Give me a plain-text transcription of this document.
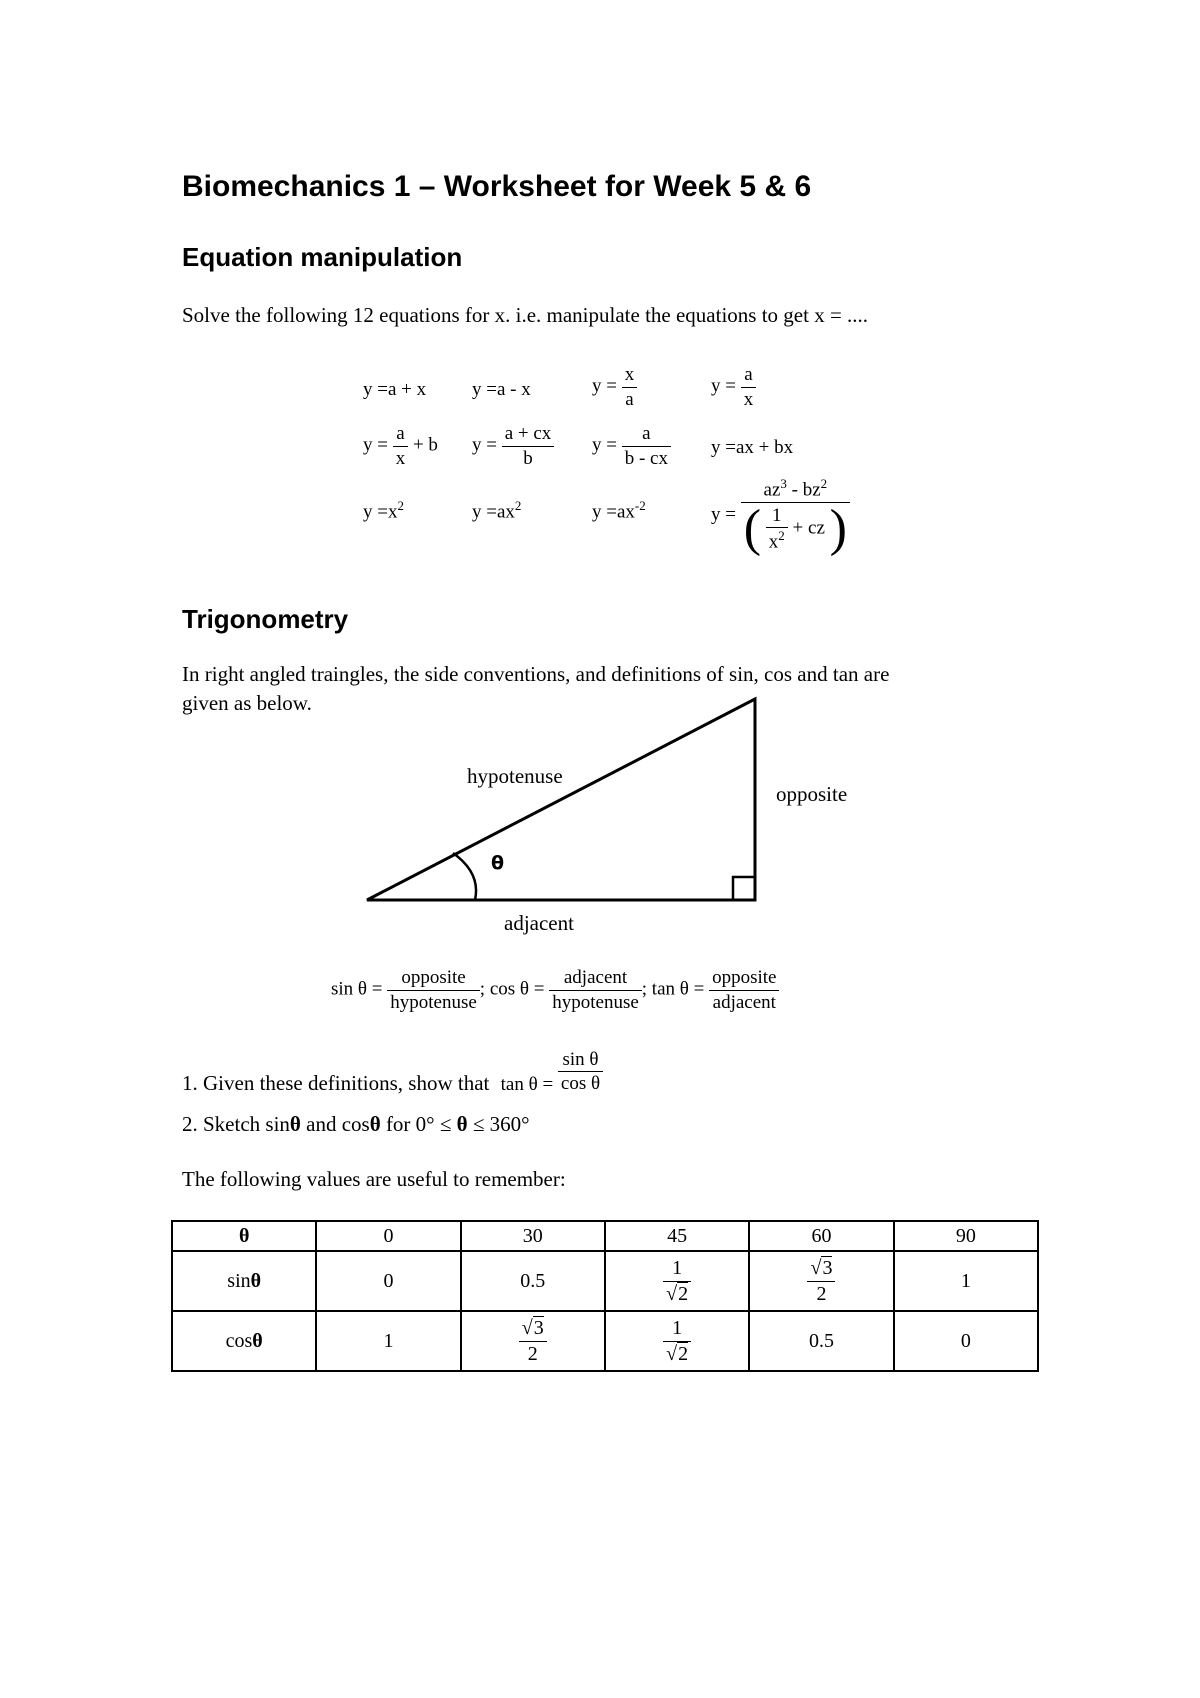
Biomechanics 1 – Worksheet for Week 5 & 6
Equation manipulation
Solve the following 12 equations for x. i.e. manipulate the equations to get x = ....
y =a + x y =a - x	$y = \frac{x}{a}$	$y = \frac{a}{x}$
$y = \frac{a}{x} + b$ $y = \frac{a + cx}{b}$ $y = \frac{a}{b - cx}$ y =ax + bx
$y =x^2$	$y =ax^2$	$y =ax^{-2}$	$y = \frac{az^3 - bz^2}{( \frac{1}{x^2} + cz )}$
Trigonometry
In right angled traingles, the side conventions, and definitions of sin, cos and tan are
given as below.
hypotenuse
opposite
adjacent
θ
$\sin \theta = \frac{\text{opposite}}{\text{hypotenuse}}$ ; $\cos \theta = \frac{\text{adjacent}}{\text{hypotenuse}}$ ; $\tan \theta = \frac{\text{opposite}}{\text{adjacent}}$
1. Given these definitions, show that $\tan \theta = \frac{\text{sin θ}}{\text{cos θ}}$
2. Sketch sinθ and cosθ for 0° ≤ θ ≤ 360°
The following values are useful to remember:
θ	0	30	45	60	90
sinθ	0	0.5	$\frac{1}{√2}$	$\frac{√3}{2}$	1
cosθ	1	$\frac{√3}{2}$	$\frac{1}{√2}$	0.5	0
